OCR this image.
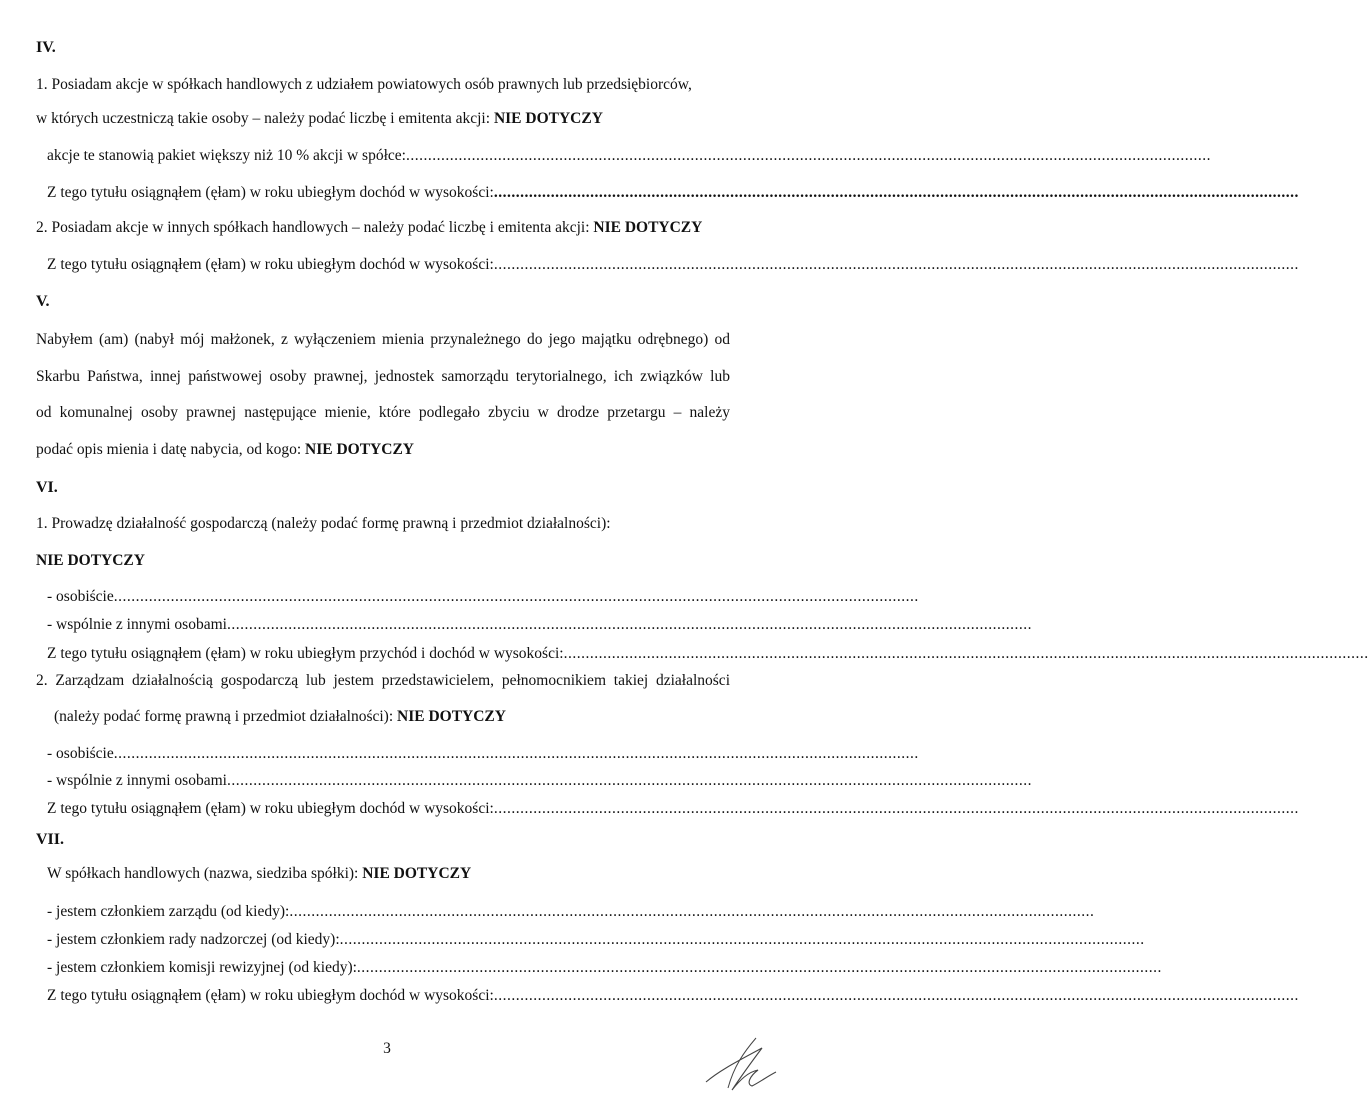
IV.
1. Posiadam akcje w spółkach handlowych z udziałem powiatowych osób prawnych lub przedsiębiorców,
w których uczestniczą takie osoby – należy podać liczbę i emitenta akcji: NIE DOTYCZY
akcje te stanowią pakiet większy niż 10 % akcji w spółce: ........................................................................................................................................................................................
Z tego tytułu osiągnąłem (ęłam) w roku ubiegłym dochód w wysokości: ........................................................................................................................................................................................
2. Posiadam akcje w innych spółkach handlowych – należy podać liczbę i emitenta akcji: NIE DOTYCZY
Z tego tytułu osiągnąłem (ęłam) w roku ubiegłym dochód w wysokości: ........................................................................................................................................................................................
V.
Nabyłem (am) (nabył mój małżonek, z wyłączeniem mienia przynależnego do jego majątku odrębnego) od
Skarbu Państwa, innej państwowej osoby prawnej, jednostek samorządu terytorialnego, ich związków lub
od komunalnej osoby prawnej następujące mienie, które podlegało zbyciu w drodze przetargu – należy
podać opis mienia i datę nabycia, od kogo: NIE DOTYCZY
VI.
1. Prowadzę działalność gospodarczą (należy podać formę prawną i przedmiot działalności):
NIE DOTYCZY
- osobiście ........................................................................................................................................................................................
- wspólnie z innymi osobami ........................................................................................................................................................................................
Z tego tytułu osiągnąłem (ęłam) w roku ubiegłym przychód i dochód w wysokości: ........................................................................................................................................................................................
2. Zarządzam działalnością gospodarczą lub jestem przedstawicielem, pełnomocnikiem takiej działalności
(należy podać formę prawną i przedmiot działalności): NIE DOTYCZY
- osobiście ........................................................................................................................................................................................
- wspólnie z innymi osobami ........................................................................................................................................................................................
Z tego tytułu osiągnąłem (ęłam) w roku ubiegłym dochód w wysokości: ........................................................................................................................................................................................
VII.
W spółkach handlowych (nazwa, siedziba spółki): NIE DOTYCZY
- jestem członkiem zarządu (od kiedy): ........................................................................................................................................................................................
- jestem członkiem rady nadzorczej (od kiedy): ........................................................................................................................................................................................
- jestem członkiem komisji rewizyjnej (od kiedy): ........................................................................................................................................................................................
Z tego tytułu osiągnąłem (ęłam) w roku ubiegłym dochód w wysokości: ........................................................................................................................................................................................
3
